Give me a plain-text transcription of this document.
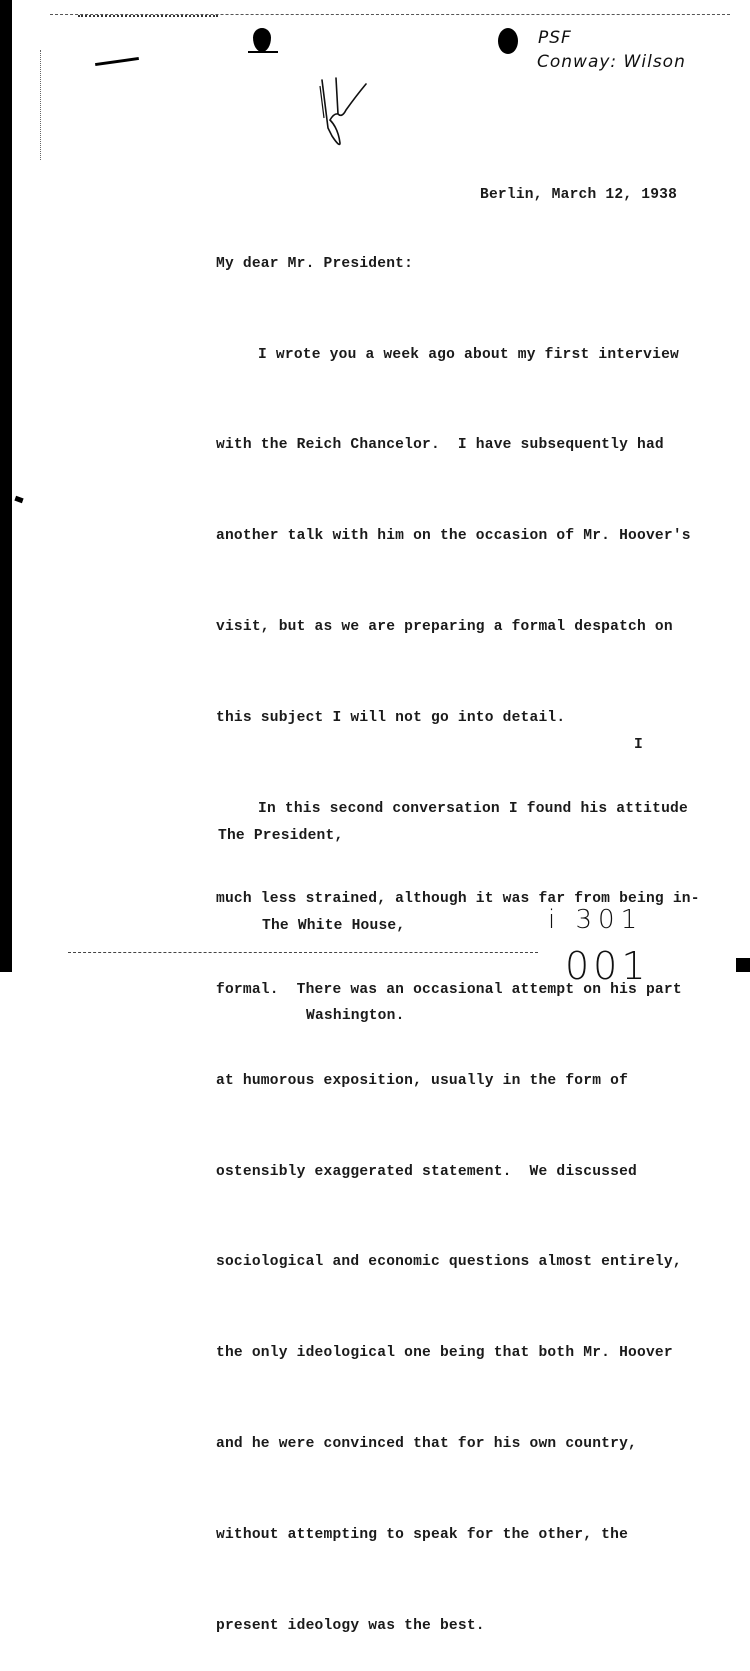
PSF
Conway: Wilson
Berlin, March 12, 1938
My dear Mr. President:

I wrote you a week ago about my first interview

with the Reich Chancelor.  I have subsequently had

another talk with him on the occasion of Mr. Hoover's

visit, but as we are preparing a formal despatch on

this subject I will not go into detail.

In this second conversation I found his attitude

much less strained, although it was far from being in-

formal.  There was an occasional attempt on his part

at humorous exposition, usually in the form of

ostensibly exaggerated statement.  We discussed

sociological and economic questions almost entirely,

the only ideological one being that both Mr. Hoover

and he were convinced that for his own country,

without attempting to speak for the other, the

present ideology was the best.

I

The President,

The White House,

Washington.

i 301
001
